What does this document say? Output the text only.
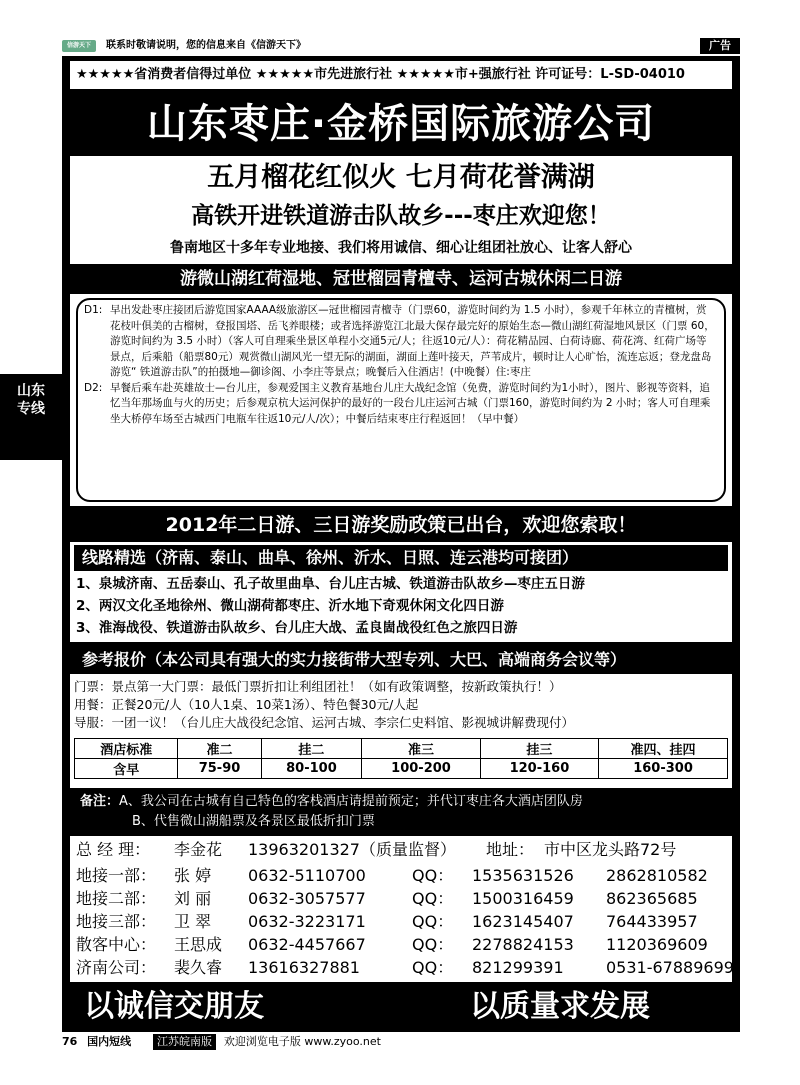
信游天下	联系时敬请说明，您的信息来自《信游天下》	广告
山东
专线
★★★★★省消费者信得过单位 ★★★★★市先进旅行社 ★★★★★市+强旅行社 许可证号：L-SD-04010
山东枣庄·金桥国际旅游公司
五月榴花红似火 七月荷花誉满湖
高铁开进铁道游击队故乡---枣庄欢迎您！
鲁南地区十多年专业地接、我们将用诚信、细心让组团社放心、让客人舒心
游微山湖红荷湿地、冠世榴园青檀寺、运河古城休闲二日游
D1: 早出发赴枣庄接团后游览国家AAAA级旅游区—冠世榴园青檀寺（门票60，游览时间约为 1.5 小时），参观千年林立的青檀树，赏花枝叶俱美的古榴树，登报国塔、岳飞养眼楼；或者选择游览江北最大保存最完好的原始生态—微山湖红荷湿地风景区（门票 60，游览时间约为 3.5 小时）（客人可自理乘坐景区单程小交通5元/人；往返10元/人）：荷花精品园、白荷诗廊、荷花湾、红荷广场等景点，后乘船（船票80元）观赏微山湖风光一望无际的湖面，湖面上莲叶接天，芦苇成片，顿时让人心旷怡，流连忘返；登龙盘岛游览“ 铁道游击队”的拍摄地—御诊阁、小李庄等景点；晚餐后入住酒店！(中晚餐）住:枣庄
D2: 早餐后乘车赴英雄故士—台儿庄，参观爱国主义教育基地台儿庄大战纪念馆（免费，游览时间约为1小时），图片、影视等资料，追忆当年那场血与火的历史；后参观京杭大运河保护的最好的一段台儿庄运河古城（门票160，游览时间约为 2 小时；客人可自理乘坐大桥停车场至古城西门电瓶车往返10元/人/次）；中餐后结束枣庄行程返回！（早中餐）
2012年二日游、三日游奖励政策已出台，欢迎您索取！
线路精选（济南、泰山、曲阜、徐州、沂水、日照、连云港均可接团）
1、泉城济南、五岳泰山、孔子故里曲阜、台儿庄古城、铁道游击队故乡—枣庄五日游
2、两汉文化圣地徐州、微山湖荷都枣庄、沂水地下奇观休闲文化四日游
3、淮海战役、铁道游击队故乡、台儿庄大战、孟良崮战役红色之旅四日游
参考报价（本公司具有强大的实力接街带大型专列、大巴、高端商务会议等）
门票：景点第一大门票：最低门票折扣让利组团社！（如有政策调整，按新政策执行！）
用餐：正餐20元/人（10人1桌、10菜1汤）、特色餐30元/人起
导服：一团一议！（台儿庄大战役纪念馆、运河古城、李宗仁史料馆、影视城讲解费现付）
酒店标准	准二	挂二	准三	挂三	准四、挂四
含早	75-90	80-100	100-200	120-160	160-300
备注：A、我公司在古城有自己特色的客栈酒店请提前预定；并代订枣庄各大酒店团队房
B、代售微山湖船票及各景区最低折扣门票
总 经 理： 李金花 13963201327（质量监督） 地址： 市中区龙头路72号
地接一部： 张 婷 0632-5110700	QQ： 1535631526 2862810582
地接二部： 刘 丽 0632-3057577	QQ： 1500316459 862365685
地接三部： 卫 翠 0632-3223171	QQ： 1623145407 764433957
散客中心： 王思成 0632-4457667	QQ： 2278824153 1120369609
济南公司： 裴久睿 13616327881	QQ： 821299391	0531-67889699
以诚信交朋友	以质量求发展
76 国内短线 江苏皖南版 欢迎浏览电子版 www.zyoo.net
